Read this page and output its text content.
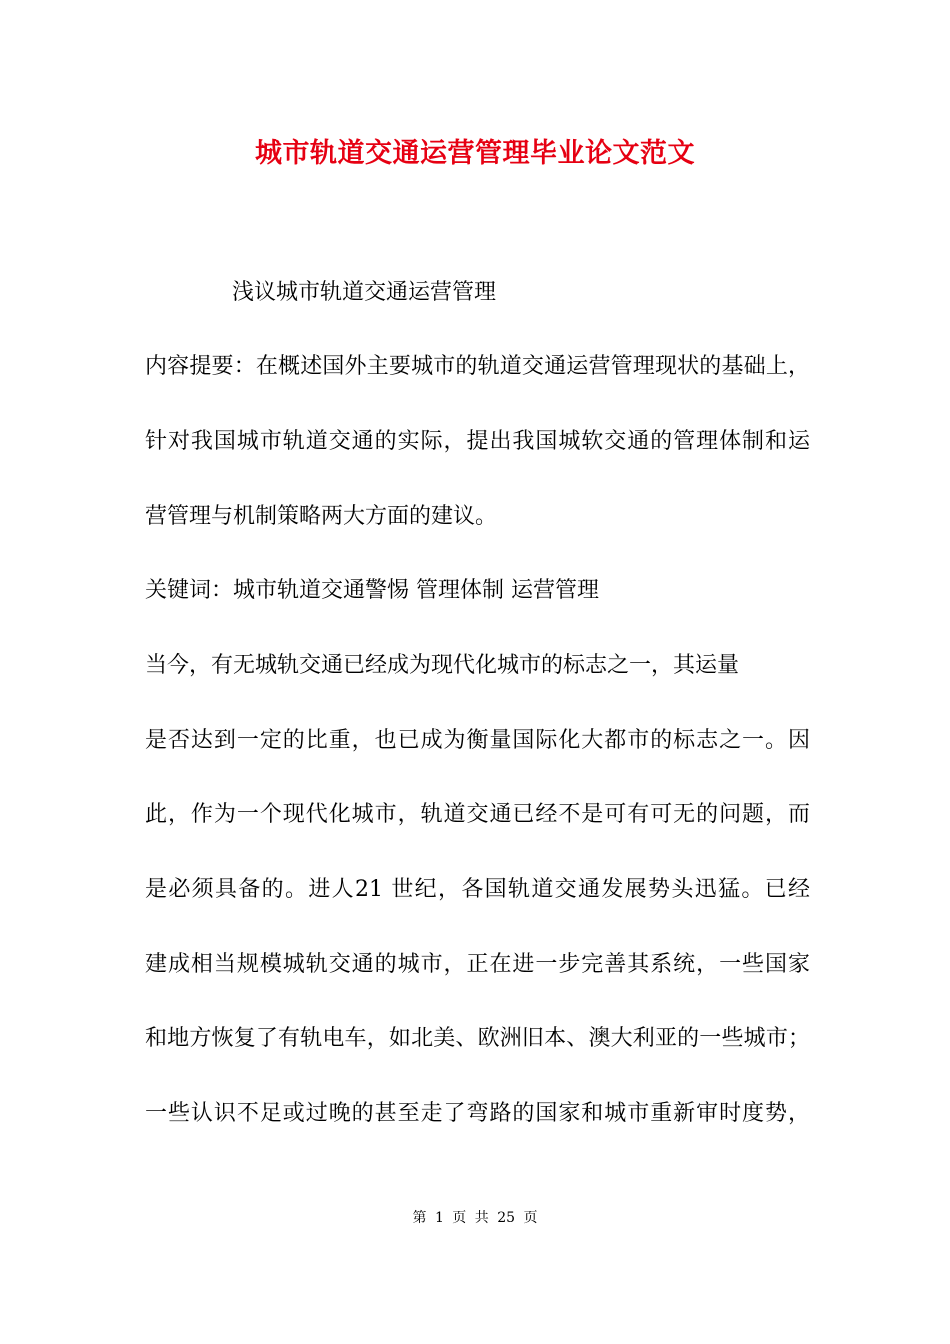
城市轨道交通运营管理毕业论文范文
浅议城市轨道交通运营管理
内容提要：在概述国外主要城市的轨道交通运营管理现状的基础上，
针对我国城市轨道交通的实际，提出我国城软交通的管理体制和运
营管理与机制策略两大方面的建议。
关键词：城市轨道交通警惕 管理体制 运营管理
当今，有无城轨交通已经成为现代化城市的标志之一，其运量
是否达到一定的比重，也已成为衡量国际化大都市的标志之一。因
此，作为一个现代化城市，轨道交通已经不是可有可无的问题，而
是必须具备的。进人21 世纪，各国轨道交通发展势头迅猛。已经
建成相当规模城轨交通的城市，正在进一步完善其系统，一些国家
和地方恢复了有轨电车，如北美、欧洲旧本、澳大利亚的一些城市；
一些认识不足或过晚的甚至走了弯路的国家和城市重新审时度势，
第 1 页 共 25 页
